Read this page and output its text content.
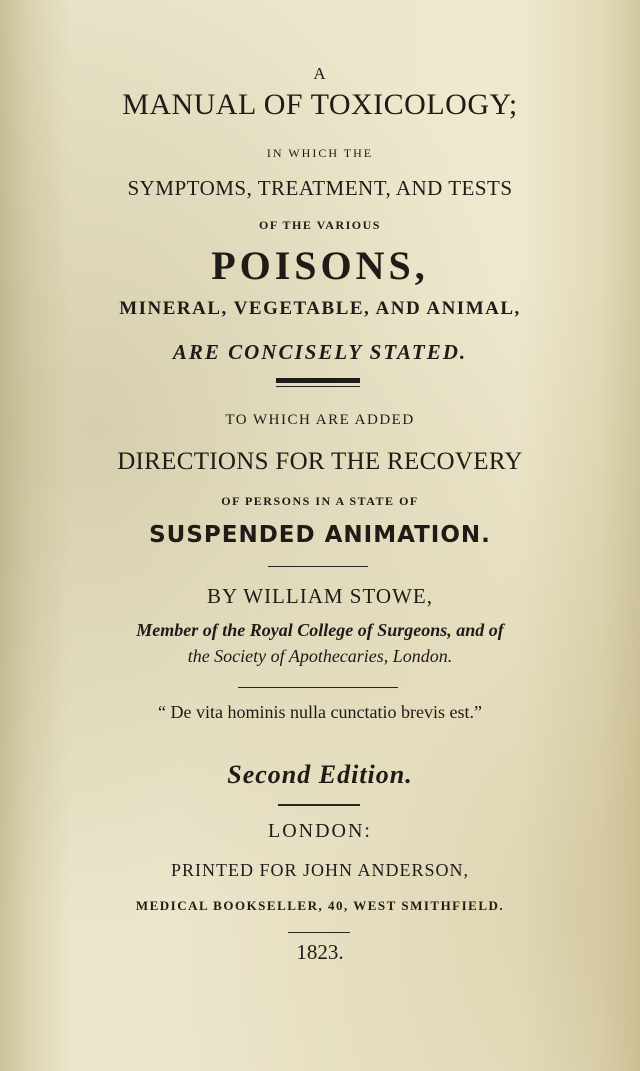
A
MANUAL OF TOXICOLOGY;
IN WHICH THE
SYMPTOMS, TREATMENT, AND TESTS
OF THE VARIOUS
POISONS,
MINERAL, VEGETABLE, AND ANIMAL,
ARE CONCISELY STATED.
TO WHICH ARE ADDED
DIRECTIONS FOR THE RECOVERY
OF PERSONS IN A STATE OF
SUSPENDED ANIMATION.
BY WILLIAM STOWE,
Member of the Royal College of Surgeons, and of
the Society of Apothecaries, London.
“ De vita hominis nulla cunctatio brevis est.”
Second Edition.
LONDON:
PRINTED FOR JOHN ANDERSON,
MEDICAL BOOKSELLER, 40, WEST SMITHFIELD.
1823.
